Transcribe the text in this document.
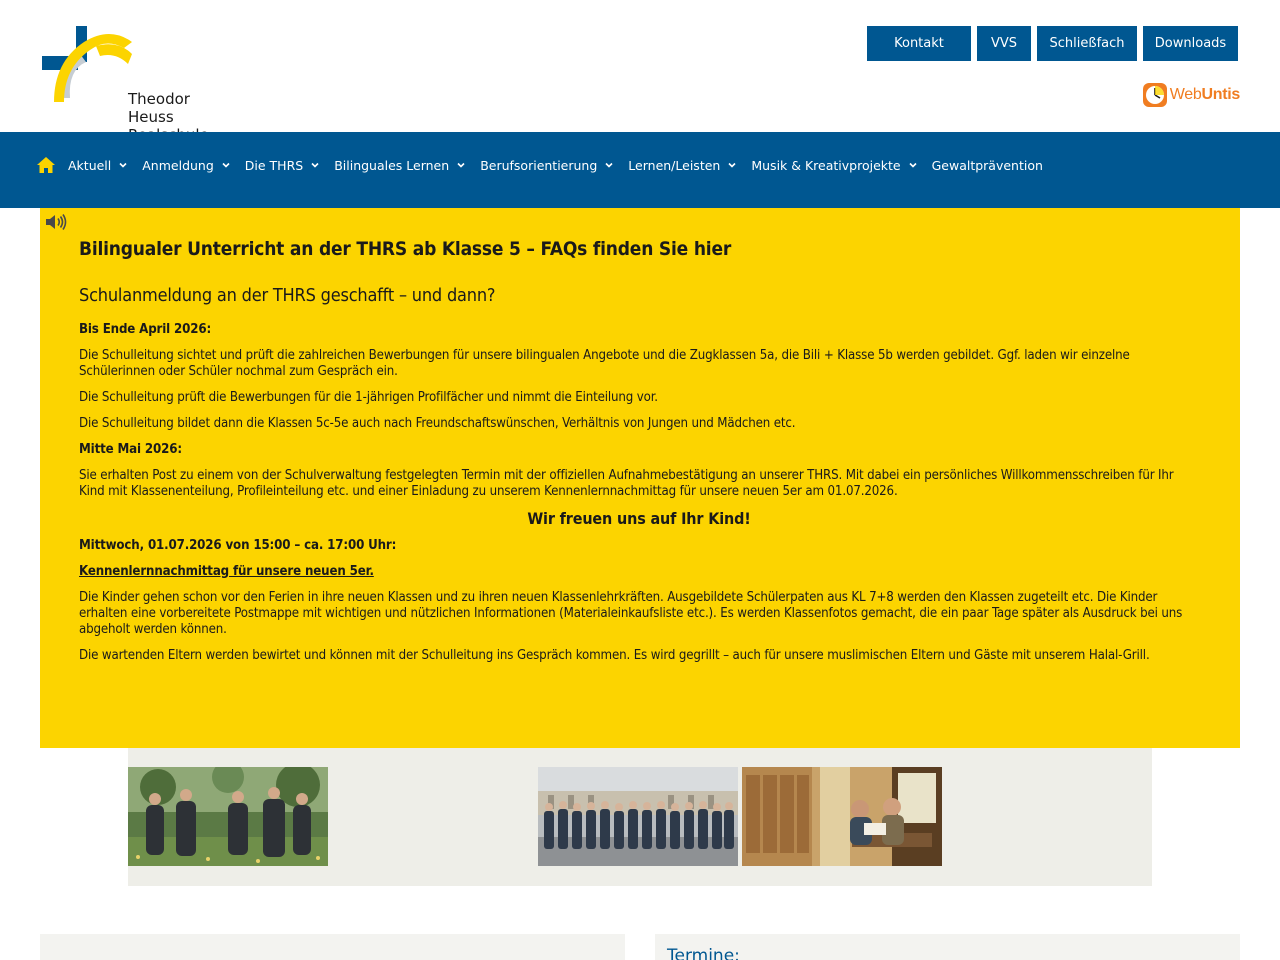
Theodor Heuss
Kontakt	VVS	Schließfach	Downloads
WebUntis
Aktuell Anmeldung Die THRS Bilinguales Lernen Berufsorientierung Lernen/Leisten Musik & Kreativprojekte Gewaltprävention
Bilingualer Unterricht an der THRS ab Klasse 5 – FAQs finden Sie hier
Schulanmeldung an der THRS geschafft – und dann?
Bis Ende April 2026:
Die Schulleitung sichtet und prüft die zahlreichen Bewerbungen für unsere bilingualen Angebote und die Zugklassen 5a, die Bili + Klasse 5b werden gebildet. Ggf. laden wir einzelne Schülerinnen oder Schüler nochmal zum Gespräch ein.
Die Schulleitung prüft die Bewerbungen für die 1-jährigen Profilfächer und nimmt die Einteilung vor.
Die Schulleitung bildet dann die Klassen 5c-5e auch nach Freundschaftswünschen, Verhältnis von Jungen und Mädchen etc.
Mitte Mai 2026:
Sie erhalten Post zu einem von der Schulverwaltung festgelegten Termin mit der offiziellen Aufnahmebestätigung an unserer THRS. Mit dabei ein persönliches Willkommensschreiben für Ihr Kind mit Klassenenteilung, Profileinteilung etc. und einer Einladung zu unserem Kennenlernnachmittag für unsere neuen 5er am 01.07.2026.
Wir freuen uns auf Ihr Kind!
Mittwoch, 01.07.2026 von 15:00 – ca. 17:00 Uhr:
Kennenlernnachmittag für unsere neuen 5er.
Die Kinder gehen schon vor den Ferien in ihre neuen Klassen und zu ihren neuen Klassenlehrkräften. Ausgebildete Schülerpaten aus KL 7+8 werden den Klassen zugeteilt etc. Die Kinder erhalten eine vorbereitete Postmappe mit wichtigen und nützlichen Informationen (Materialeinkaufsliste etc.). Es werden Klassenfotos gemacht, die ein paar Tage später als Ausdruck bei uns abgeholt werden können.
Die wartenden Eltern werden bewirtet und können mit der Schulleitung ins Gespräch kommen. Es wird gegrillt – auch für unsere muslimischen Eltern und Gäste mit unserem Halal-Grill.
Termine:
